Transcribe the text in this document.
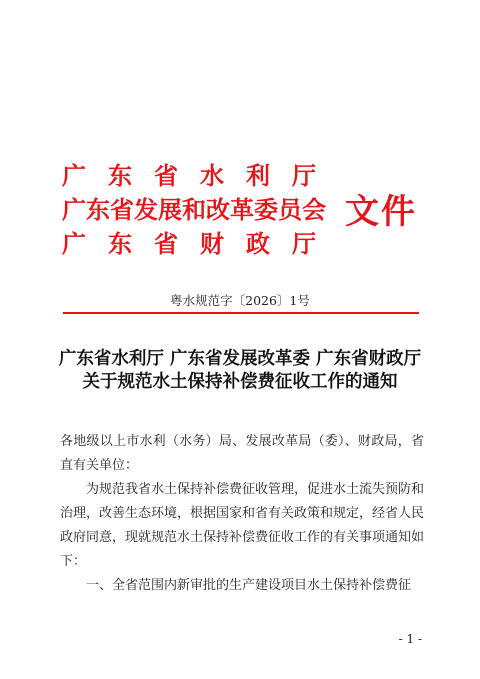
广东省水利厅
广东省发展和改革委员会
广东省财政厅
文件
粤水规范字〔2026〕1号
广东省水利厅 广东省发展改革委 广东省财政厅
关于规范水土保持补偿费征收工作的通知
各地级以上市水利（水务）局、发展改革局（委）、财政局，省直有关单位：
为规范我省水土保持补偿费征收管理，促进水土流失预防和治理，改善生态环境，根据国家和省有关政策和规定，经省人民政府同意，现就规范水土保持补偿费征收工作的有关事项通知如下：
一、全省范围内新审批的生产建设项目水土保持补偿费征
- 1 -
